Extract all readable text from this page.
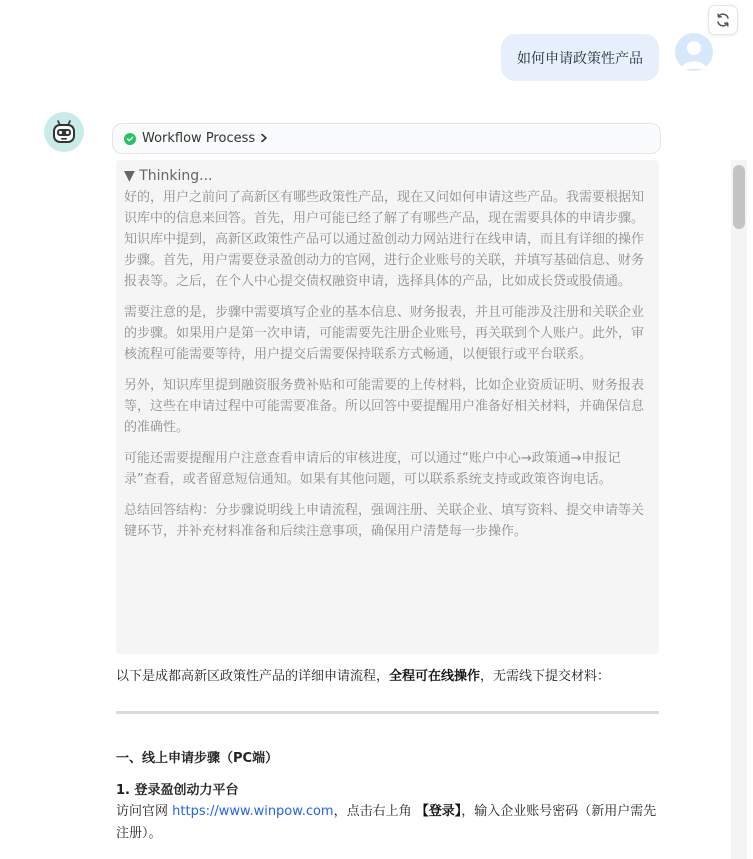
如何申请政策性产品
Workflow Process
▼ Thinking...

好的，用户之前问了高新区有哪些政策性产品，现在又问如何申请这些产品。我需要根据知识库中的信息来回答。首先，用户可能已经了解了有哪些产品，现在需要具体的申请步骤。

知识库中提到，高新区政策性产品可以通过盈创动力网站进行在线申请，而且有详细的操作步骤。首先，用户需要登录盈创动力的官网，进行企业账号的关联，并填写基础信息、财务报表等。之后，在个人中心提交债权融资申请，选择具体的产品，比如成长贷或股债通。

需要注意的是，步骤中需要填写企业的基本信息、财务报表，并且可能涉及注册和关联企业的步骤。如果用户是第一次申请，可能需要先注册企业账号，再关联到个人账户。此外，审核流程可能需要等待，用户提交后需要保持联系方式畅通，以便银行或平台联系。

另外，知识库里提到融资服务费补贴和可能需要的上传材料，比如企业资质证明、财务报表等，这些在申请过程中可能需要准备。所以回答中要提醒用户准备好相关材料，并确保信息的准确性。

可能还需要提醒用户注意查看申请后的审核进度，可以通过“账户中心→政策通→申报记录”查看，或者留意短信通知。如果有其他问题，可以联系系统支持或政策咨询电话。

总结回答结构：分步骤说明线上申请流程，强调注册、关联企业、填写资料、提交申请等关键环节，并补充材料准备和后续注意事项，确保用户清楚每一步操作。

以下是成都高新区政策性产品的详细申请流程，全程可在线操作，无需线下提交材料：
一、线上申请步骤（PC端）
1. 登录盈创动力平台
访问官网 https://www.winpow.com，点击右上角 【登录】，输入企业账号密码（新用户需先注册）。
